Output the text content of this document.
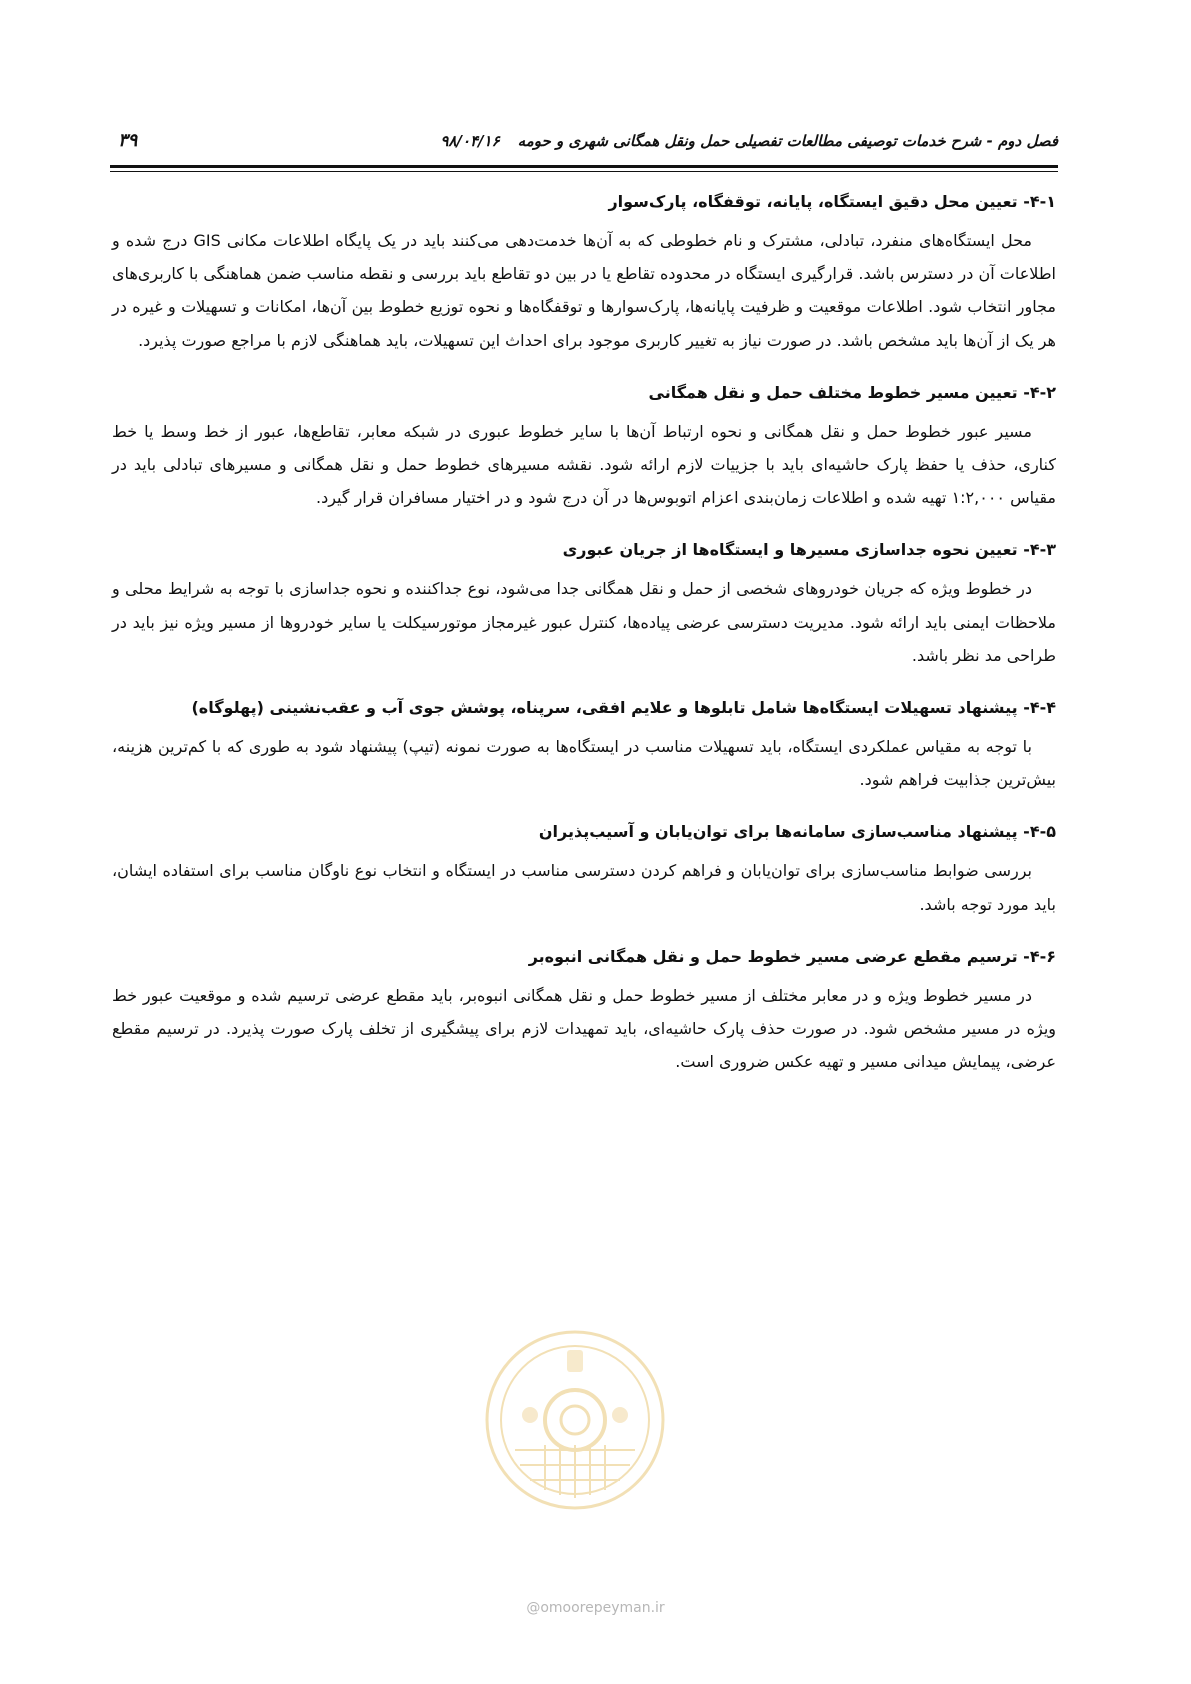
فصل دوم - شرح خدمات توصیفی مطالعات تفصیلی حمل ونقل همگانی شهری و حومه۹۸/۰۴/۱۶
۳۹
۴-۱- تعیین محل دقیق ایستگاه، پایانه، توقفگاه، پارک‌سوار
محل ایستگاه‌های منفرد، تبادلی، مشترک و نام خطوطی که به آن‌ها خدمت‌دهی می‌کنند باید در یک پایگاه اطلاعات مکانی GIS درج شده و اطلاعات آن در دسترس باشد. قرارگیری ایستگاه در محدوده تقاطع یا در بین دو تقاطع باید بررسی و نقطه مناسب ضمن هماهنگی با کاربری‌های مجاور انتخاب شود. اطلاعات موقعیت و ظرفیت پایانه‌ها، پارک‌سوارها و توقفگاه‌ها و نحوه توزیع خطوط بین آن‌ها، امکانات و تسهیلات و غیره در هر یک از آن‌ها باید مشخص باشد. در صورت نیاز به تغییر کاربری موجود برای احداث این تسهیلات، باید هماهنگی لازم با مراجع صورت پذیرد.
۴-۲- تعیین مسیر خطوط مختلف حمل و نقل همگانی
مسیر عبور خطوط حمل و نقل همگانی و نحوه ارتباط آن‌ها با سایر خطوط عبوری در شبکه معابر، تقاطع‌ها، عبور از خط وسط یا خط کناری، حذف یا حفظ پارک حاشیه‌ای باید با جزییات لازم ارائه شود. نقشه مسیرهای خطوط حمل و نقل همگانی و مسیرهای تبادلی باید در مقیاس ۱:۲,۰۰۰ تهیه شده و اطلاعات زمان‌بندی اعزام اتوبوس‌ها در آن درج شود و در اختیار مسافران قرار گیرد.
۴-۳- تعیین نحوه جداسازی مسیرها و ایستگاه‌ها از جریان عبوری
در خطوط ویژه که جریان خودروهای شخصی از حمل و نقل همگانی جدا می‌شود، نوع جداکننده و نحوه جداسازی با توجه به شرایط محلی و ملاحظات ایمنی باید ارائه شود. مدیریت دسترسی عرضی پیاده‌ها، کنترل عبور غیرمجاز موتورسیکلت یا سایر خودروها از مسیر ویژه نیز باید در طراحی مد نظر باشد.
۴-۴- پیشنهاد تسهیلات ایستگاه‌ها شامل تابلوها و علایم افقی، سرپناه، پوشش جوی آب و عقب‌نشینی (پهلوگاه)
با توجه به مقیاس عملکردی ایستگاه، باید تسهیلات مناسب در ایستگاه‌ها به صورت نمونه (تیپ) پیشنهاد شود به طوری که با کم‌ترین هزینه، بیش‌ترین جذابیت فراهم شود.
۴-۵- پیشنهاد مناسب‌سازی سامانه‌ها برای توان‌یابان و آسیب‌پذیران
بررسی ضوابط مناسب‌سازی برای توان‌یابان و فراهم کردن دسترسی مناسب در ایستگاه و انتخاب نوع ناوگان مناسب برای استفاده ایشان، باید مورد توجه باشد.
۴-۶- ترسیم مقطع عرضی مسیر خطوط حمل و نقل همگانی انبوه‌بر
در مسیر خطوط ویژه و در معابر مختلف از مسیر خطوط حمل و نقل همگانی انبوه‌بر، باید مقطع عرضی ترسیم شده و موقعیت عبور خط ویژه در مسیر مشخص شود. در صورت حذف پارک حاشیه‌ای، باید تمهیدات لازم برای پیشگیری از تخلف پارک صورت پذیرد. در ترسیم مقطع عرضی، پیمایش میدانی مسیر و تهیه عکس ضروری است.
@omoorepeyman.ir
